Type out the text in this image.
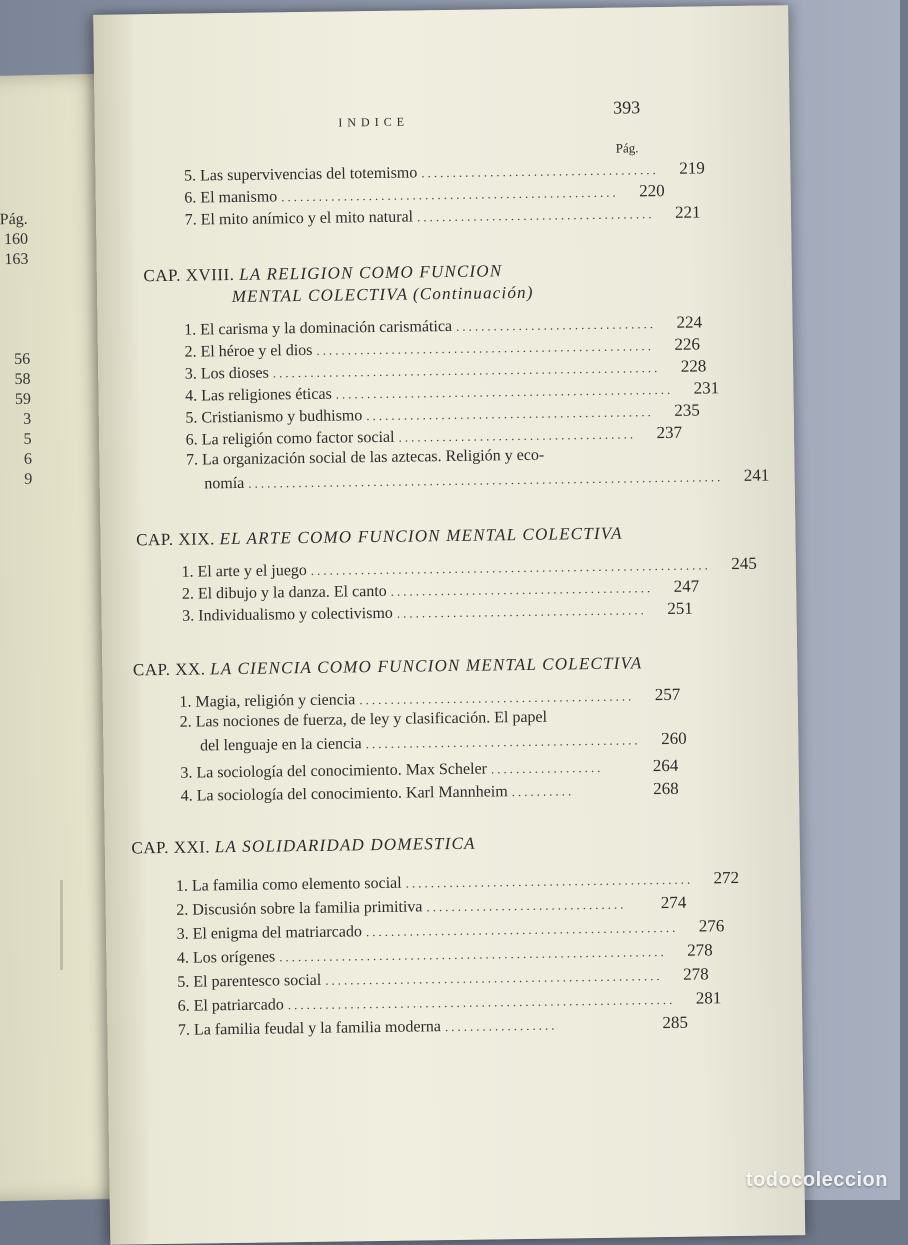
Pág.
160
163
56
58
59
3
5
6
9
INDICE
393
Pág.
5. Las supervivencias del totemismo ......................................	219
6. El manismo ......................................................	220
7. El mito anímico y el mito natural ......................................	221
CAP. XVIII. LA RELIGION COMO FUNCION
MENTAL COLECTIVA (Continuación)
1. El carisma y la dominación carismática ................................	224
2. El héroe y el dios ......................................................	226
3. Los dioses ..............................................................	228
4. Las religiones éticas ......................................................	231
5. Cristianismo y budhismo ..............................................	235
6. La religión como factor social ......................................	237
7. La organización social de las aztecas. Religión y eco-
nomía ............................................................................	241
CAP. XIX. EL ARTE COMO FUNCION MENTAL COLECTIVA
1. El arte y el juego ................................................................	245
2. El dibujo y la danza. El canto ..........................................	247
3. Individualismo y colectivismo ........................................	251
CAP. XX. LA CIENCIA COMO FUNCION MENTAL COLECTIVA
1. Magia, religión y ciencia ............................................	257
2. Las nociones de fuerza, de ley y clasificación. El papel
del lenguaje en la ciencia ............................................	260
3. La sociología del conocimiento. Max Scheler ..................	264
4. La sociología del conocimiento. Karl Mannheim ..........	268
CAP. XXI. LA SOLIDARIDAD DOMESTICA
1. La familia como elemento social ..............................................	272
2. Discusión sobre la familia primitiva ................................	274
3. El enigma del matriarcado ..................................................	276
4. Los orígenes ..............................................................	278
5. El parentesco social ......................................................	278
6. El patriarcado ..............................................................	281
7. La familia feudal y la familia moderna ..................	285
todocoleccion
